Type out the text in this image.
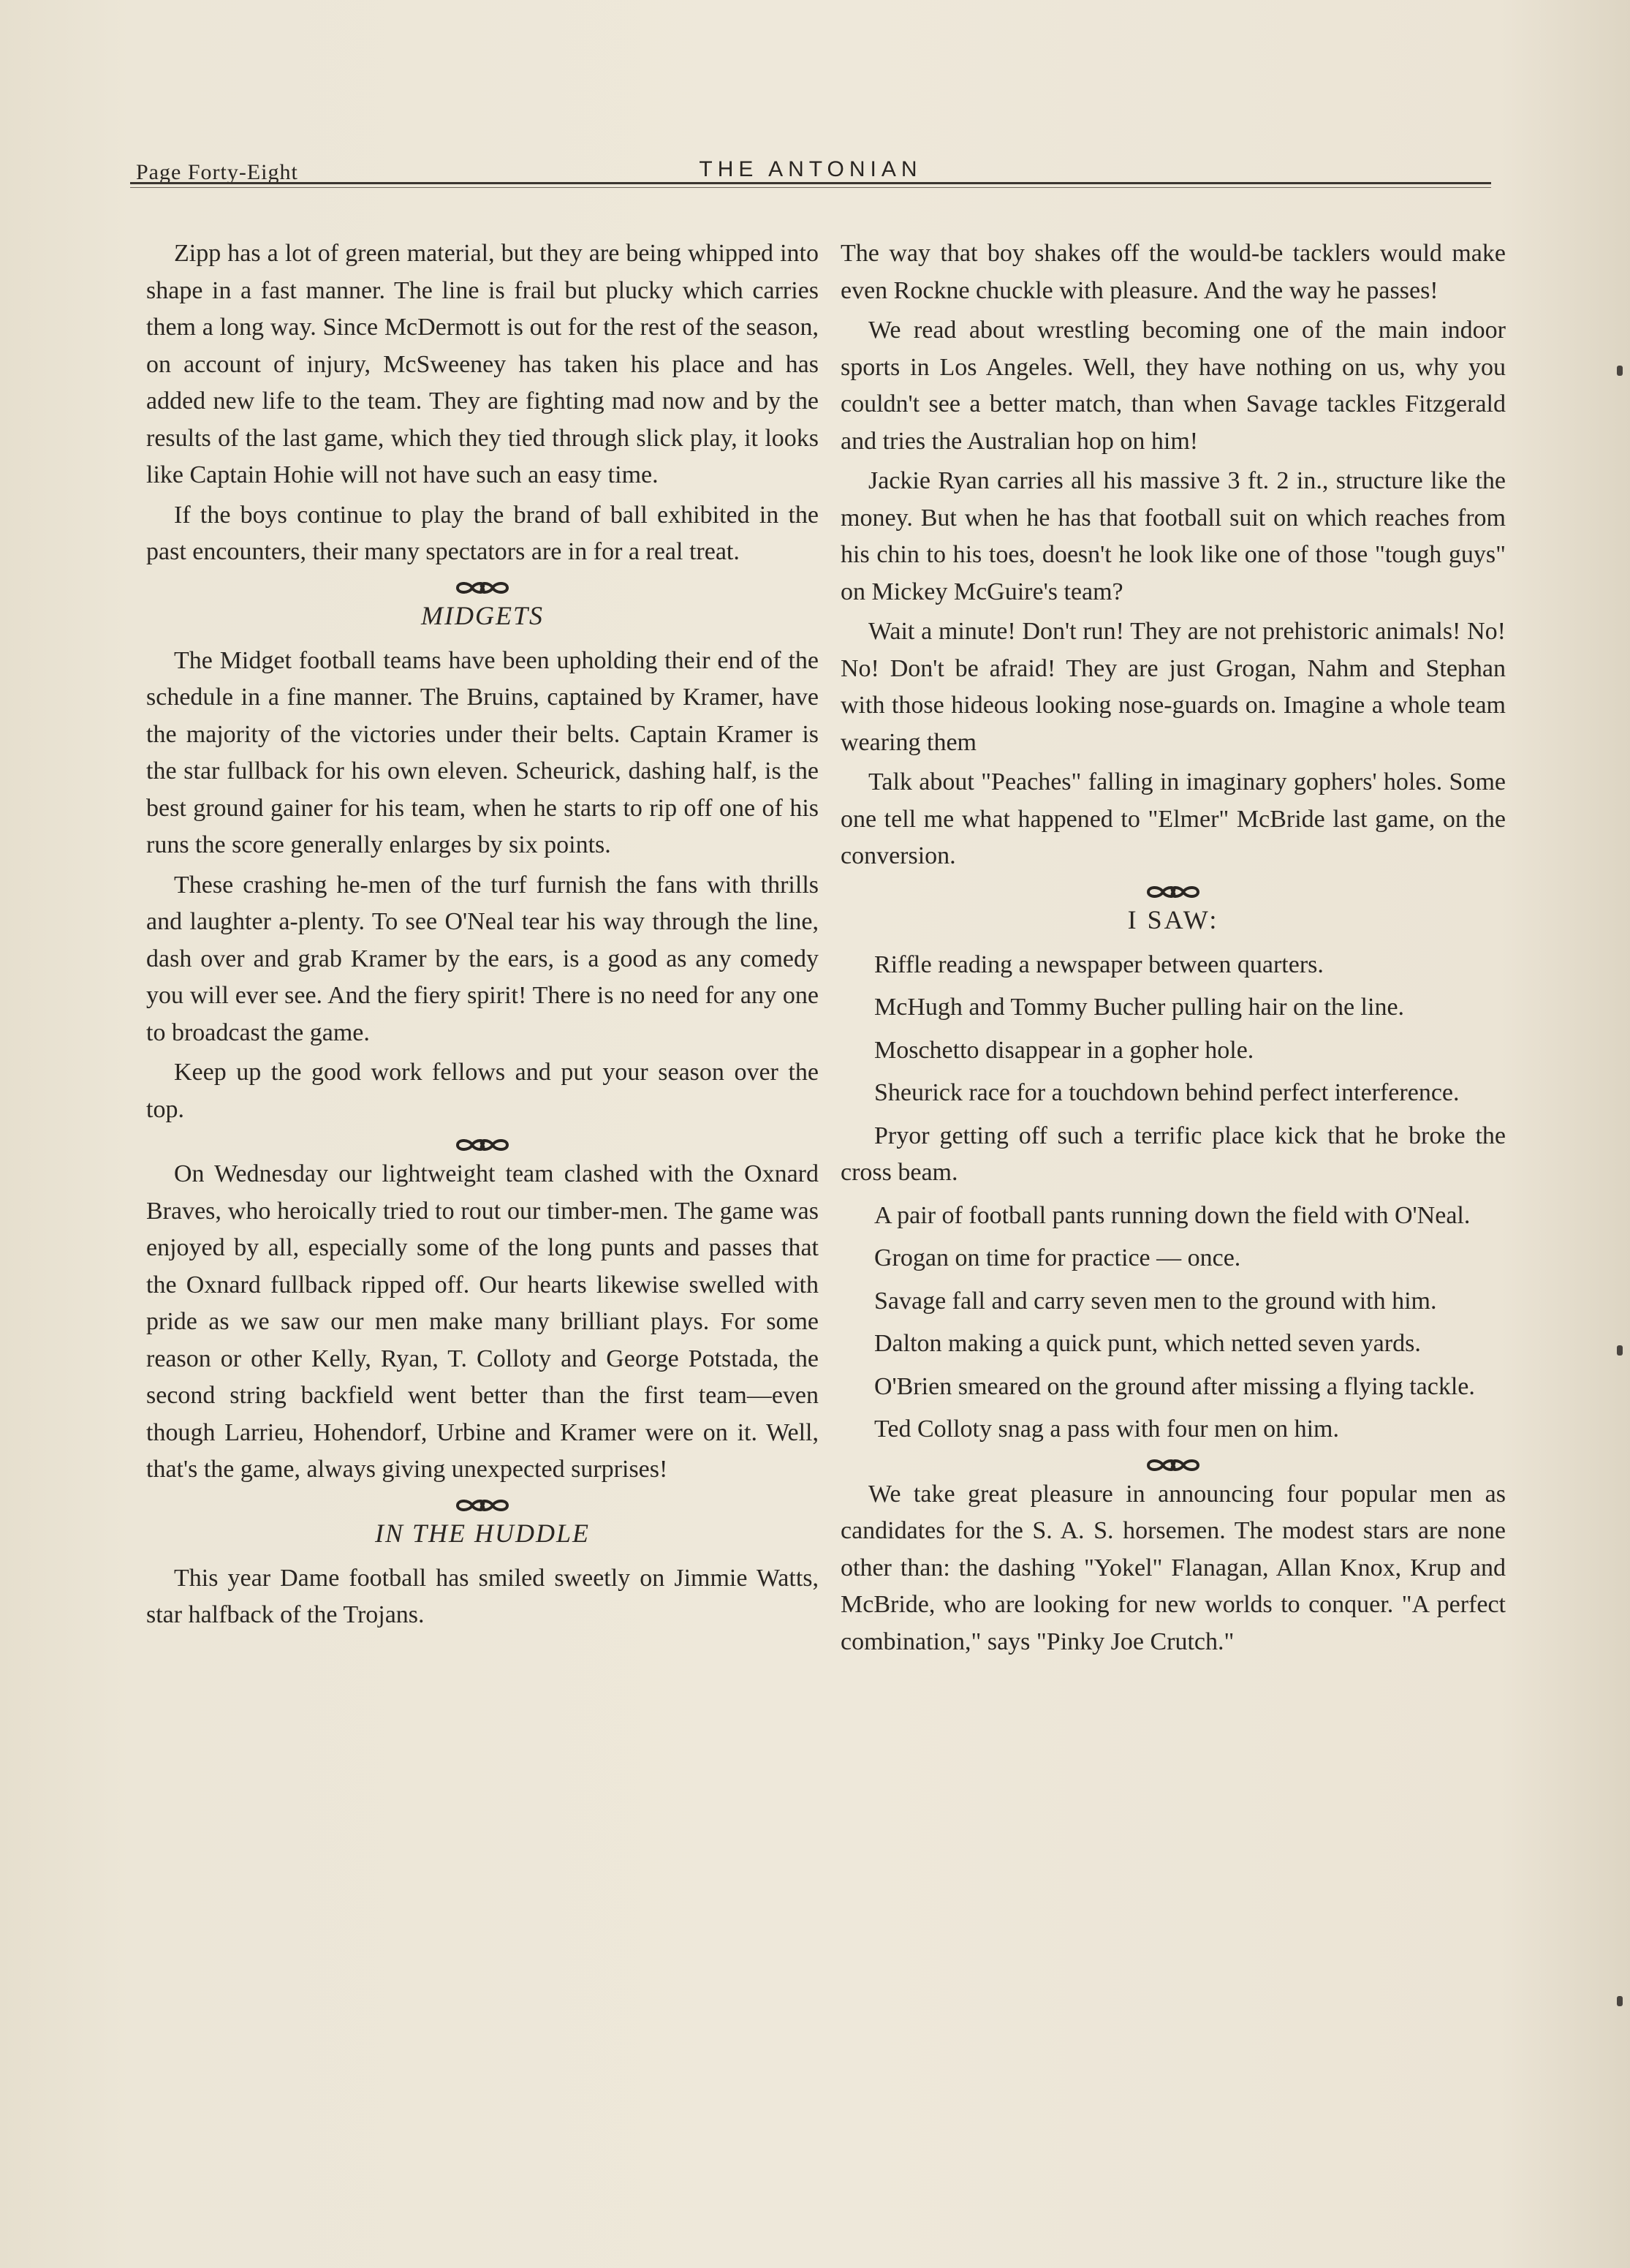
Page Forty-Eight	THE ANTONIAN

Zipp has a lot of green material, but they are being whipped into shape in a fast manner. The line is frail but plucky which carries them a long way. Since McDermott is out for the rest of the season, on account of injury, McSweeney has taken his place and has added new life to the team. They are fighting mad now and by the results of the last game, which they tied through slick play, it looks like Captain Hohie will not have such an easy time.

If the boys continue to play the brand of ball exhibited in the past encounters, their many spectators are in for a real treat.

MIDGETS

The Midget football teams have been upholding their end of the schedule in a fine manner. The Bruins, captained by Kramer, have the majority of the victories under their belts. Captain Kramer is the star fullback for his own eleven. Scheurick, dashing half, is the best ground gainer for his team, when he starts to rip off one of his runs the score generally enlarges by six points.

These crashing he-men of the turf furnish the fans with thrills and laughter a-plenty. To see O'Neal tear his way through the line, dash over and grab Kramer by the ears, is a good as any comedy you will ever see. And the fiery spirit! There is no need for any one to broadcast the game.

Keep up the good work fellows and put your season over the top.

On Wednesday our lightweight team clashed with the Oxnard Braves, who heroically tried to rout our timber-men. The game was enjoyed by all, especially some of the long punts and passes that the Oxnard fullback ripped off. Our hearts likewise swelled with pride as we saw our men make many brilliant plays. For some reason or other Kelly, Ryan, T. Colloty and George Potstada, the second string backfield went better than the first team—even though Larrieu, Hohendorf, Urbine and Kramer were on it. Well, that's the game, always giving unexpected surprises!

IN THE HUDDLE

This year Dame football has smiled sweetly on Jimmie Watts, star halfback of the Trojans.

The way that boy shakes off the would-be tacklers would make even Rockne chuckle with pleasure. And the way he passes!

We read about wrestling becoming one of the main indoor sports in Los Angeles. Well, they have nothing on us, why you couldn't see a better match, than when Savage tackles Fitzgerald and tries the Australian hop on him!

Jackie Ryan carries all his massive 3 ft. 2 in., structure like the money. But when he has that football suit on which reaches from his chin to his toes, doesn't he look like one of those "tough guys" on Mickey McGuire's team?

Wait a minute! Don't run! They are not prehistoric animals! No! No! Don't be afraid! They are just Grogan, Nahm and Stephan with those hideous looking nose-guards on. Imagine a whole team wearing them

Talk about "Peaches" falling in imaginary gophers' holes. Some one tell me what happened to "Elmer" McBride last game, on the conversion.

I SAW:

Riffle reading a newspaper between quarters.

McHugh and Tommy Bucher pulling hair on the line.

Moschetto disappear in a gopher hole.

Sheurick race for a touchdown behind perfect interference.

Pryor getting off such a terrific place kick that he broke the cross beam.

A pair of football pants running down the field with O'Neal.

Grogan on time for practice — once.

Savage fall and carry seven men to the ground with him.

Dalton making a quick punt, which netted seven yards.

O'Brien smeared on the ground after missing a flying tackle.

Ted Colloty snag a pass with four men on him.

We take great pleasure in announcing four popular men as candidates for the S. A. S. horsemen. The modest stars are none other than: the dashing "Yokel" Flanagan, Allan Knox, Krup and McBride, who are looking for new worlds to conquer. "A perfect combination," says "Pinky Joe Crutch."
